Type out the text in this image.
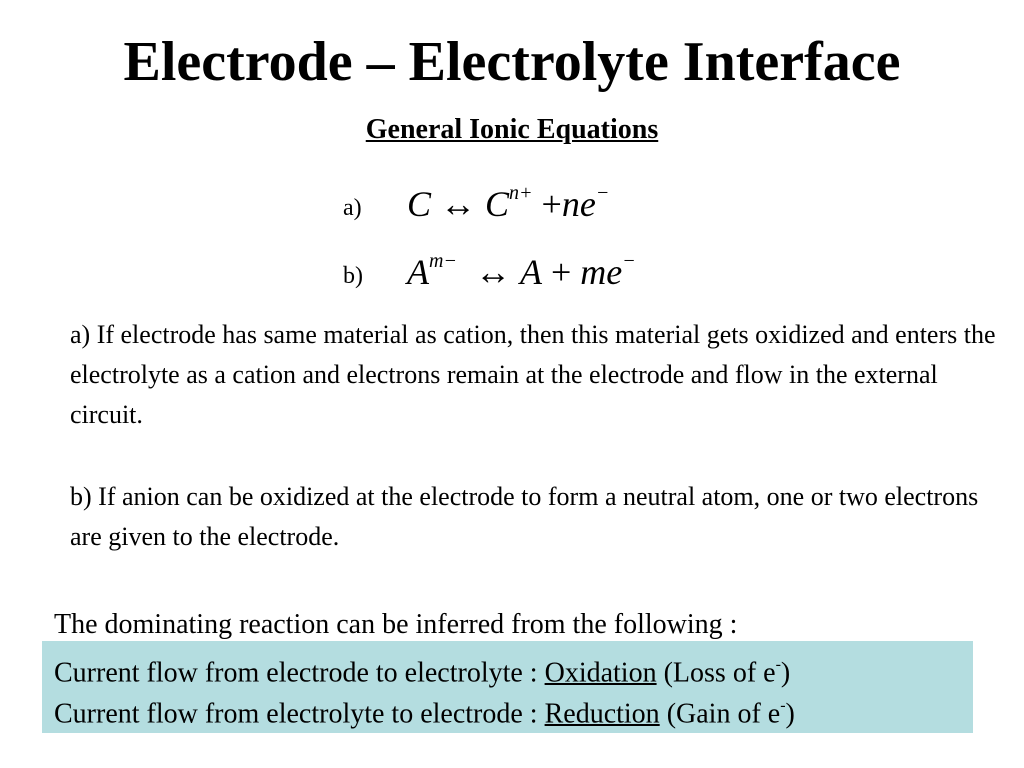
Electrode – Electrolyte Interface
General Ionic Equations
a) C ↔ $C^{n+} +ne^-$
b) $A^{m-}$ ↔ A + me−

a) If electrode has same material as cation, then this material gets oxidized and enters the electrolyte as a cation and electrons remain at the electrode and flow in the external circuit.

b) If anion can be oxidized at the electrode to form a neutral atom, one or two electrons are given to the electrode.

The dominating reaction can be inferred from the following :

Current flow from electrode to electrolyte : Oxidation (Loss of e-)
Current flow from electrolyte to electrode : Reduction (Gain of e-)
